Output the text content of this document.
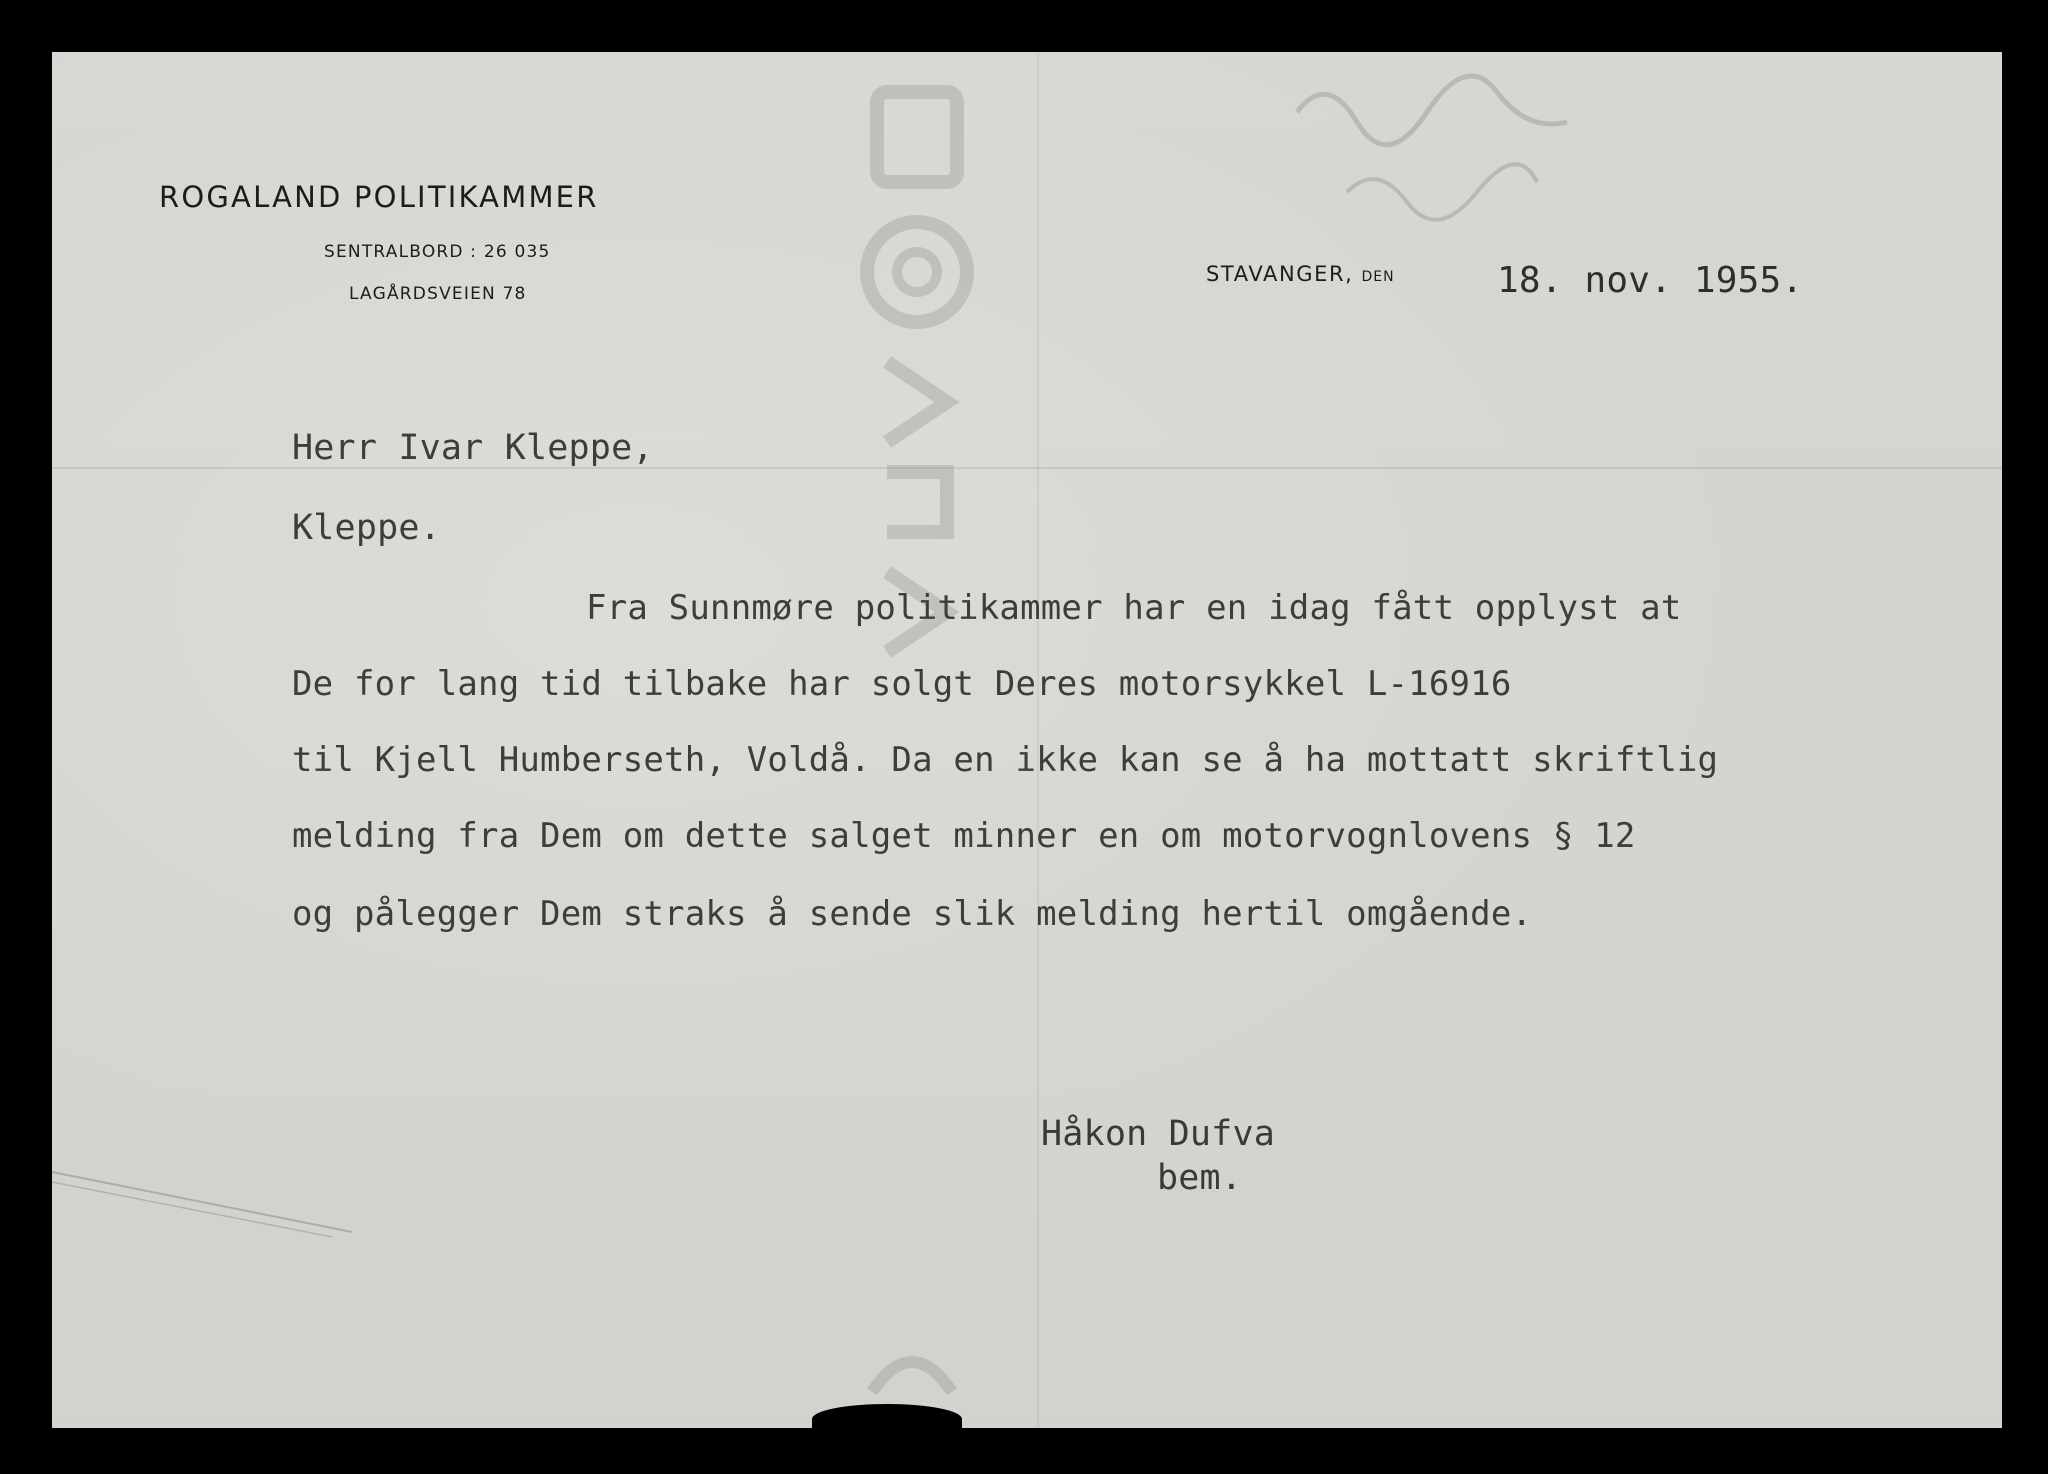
ROGALAND POLITIKAMMER
SENTRALBORD : 26 035
LAGÅRDSVEIEN 78
STAVANGER, DEN	18. nov. 1955.
Herr Ivar Kleppe,
Kleppe.
Fra Sunnmøre politikammer har en idag fått opplyst at
De for lang tid tilbake har solgt Deres motorsykkel L-16916
til Kjell Humberseth, Voldå. Da en ikke kan se å ha mottatt skriftlig
melding fra Dem om dette salget minner en om motorvognlovens § 12
og pålegger Dem straks å sende slik melding hertil omgående.
Håkon Dufva
bem.
